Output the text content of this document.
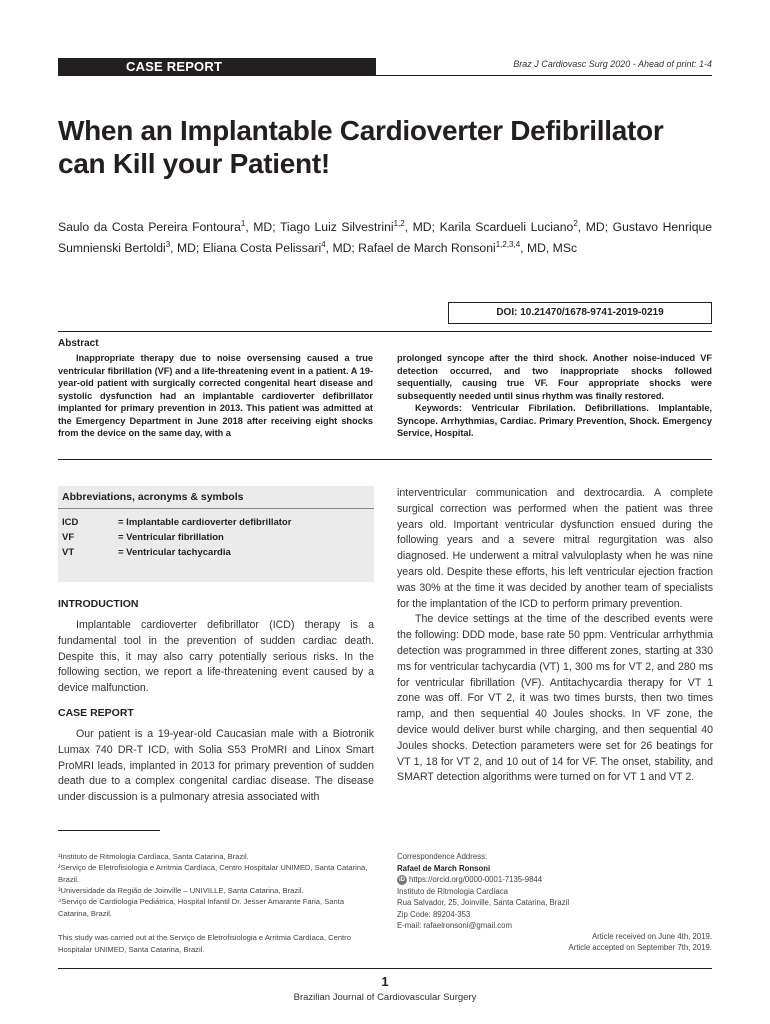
CASE REPORT	Braz J Cardiovasc Surg 2020 - Ahead of print: 1-4
When an Implantable Cardioverter Defibrillator
can Kill your Patient!
Saulo da Costa Pereira Fontoura$^1$, MD; Tiago Luiz Silvestrini$^{1,2}$, MD; Karila Scardueli Luciano$^2$, MD; Gustavo Henrique Sumnienski Bertoldi$^3$, MD; Eliana Costa Pelissari$^4$, MD; Rafael de March Ronsoni$^{1,2,3,4}$, MD, MSc
DOI: 10.21470/1678-9741-2019-0219
Abstract

Inappropriate therapy due to noise oversensing caused a true ventricular fibrillation (VF) and a life-threatening event in a patient. A 19-year-old patient with surgically corrected congenital heart disease and systolic dysfunction had an implantable cardioverter defibrillator implanted for primary prevention in 2013. This patient was admitted at the Emergency Department in June 2018 after receiving eight shocks from the device on the same day, with a

prolonged syncope after the third shock. Another noise-induced VF detection occurred, and two inappropriate shocks followed sequentially, causing true VF. Four appropriate shocks were subsequently needed until sinus rhythm was finally restored.

Keywords: Ventricular Fibrilation. Defibrillations. Implantable, Syncope. Arrhythmias, Cardiac. Primary Prevention, Shock. Emergency Service, Hospital.

Abbreviations, acronyms & symbols
ICD	= Implantable cardioverter defibrillator
VF	= Ventricular fibrillation
VT	= Ventricular tachycardia
INTRODUCTION

Implantable cardioverter defibrillator (ICD) therapy is a fundamental tool in the prevention of sudden cardiac death. Despite this, it may also carry potentially serious risks. In the following section, we report a life-threatening event caused by a device malfunction.

CASE REPORT

Our patient is a 19-year-old Caucasian male with a Biotronik Lumax 740 DR-T ICD, with Solia S53 ProMRI and Linox Smart ProMRI leads, implanted in 2013 for primary prevention of sudden death due to a complex congenital cardiac disease. The disease under discussion is a pulmonary atresia associated with

interventricular communication and dextrocardia. A complete surgical correction was performed when the patient was three years old. Important ventricular dysfunction ensued during the following years and a severe mitral regurgitation was also diagnosed. He underwent a mitral valvuloplasty when he was nine years old. Despite these efforts, his left ventricular ejection fraction was 30% at the time it was decided by another team of specialists for the implantation of the ICD to perform primary prevention.

The device settings at the time of the described events were the following: DDD mode, base rate 50 ppm. Ventricular arrhythmia detection was programmed in three different zones, starting at 330 ms for ventricular tachycardia (VT) 1, 300 ms for VT 2, and 280 ms for ventricular fibrillation (VF). Antitachycardia therapy for VT 1 zone was off. For VT 2, it was two times bursts, then two times ramp, and then sequential 40 Joules shocks. In VF zone, the device would deliver burst while charging, and then sequential 40 Joules shocks. Detection parameters were set for 26 beatings for VT 1, 18 for VT 2, and 10 out of 14 for VF. The onset, stability, and SMART detection algorithms were turned on for VT 1 and VT 2.

¹Instituto de Ritmologia Cardíaca, Santa Catarina, Brazil.
²Serviço de Eletrofisiologia e Arritmia Cardíaca, Centro Hospitalar UNIMED, Santa Catarina, Brazil.
³Universidade da Região de Joinville – UNIVILLE, Santa Catarina, Brazil.
⁴Serviço de Cardiologia Pediátrica, Hospital Infantil Dr. Jesser Amarante Faria, Santa Catarina, Brazil.
This study was carried out at the Serviço de Eletrofisiologia e Arritmia Cardíaca, Centro Hospitalar UNIMED, Santa Catarina, Brazil.
Correspondence Address:
Rafael de March Ronsoni
iD https://orcid.org/0000-0001-7135-9844
Instituto de Ritmologia Cardíaca
Rua Salvador, 25, Joinville, Santa Catarina, Brazil
Zip Code: 89204-353
E-mail: rafaelronsoni@gmail.com
Article received on June 4th, 2019.
Article accepted on September 7th, 2019.
1
Brazilian Journal of Cardiovascular Surgery
